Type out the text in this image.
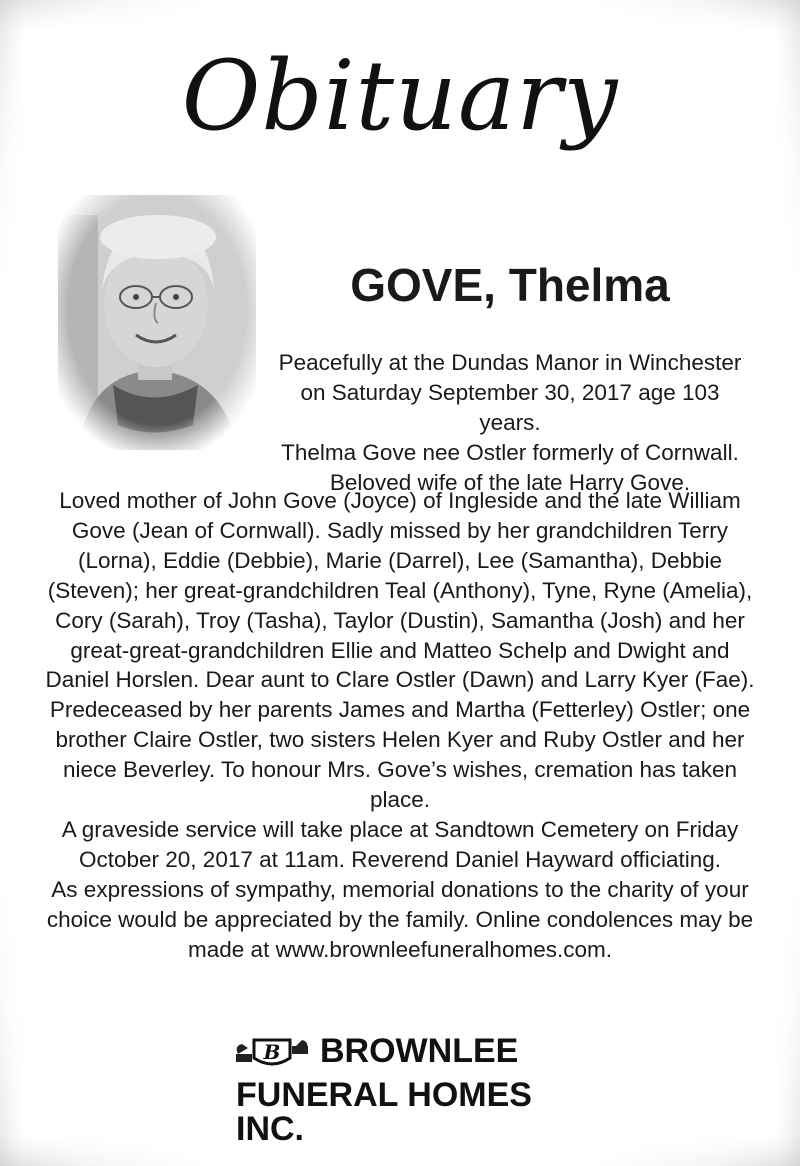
Obituary
GOVE, Thelma
Peacefully at the Dundas Manor in Winchester
on Saturday September 30, 2017 age 103 years.
Thelma Gove nee Ostler formerly of Cornwall.
Beloved wife of the late Harry Gove.
Loved mother of John Gove (Joyce) of Ingleside and the late William
Gove (Jean of Cornwall). Sadly missed by her grandchildren Terry
(Lorna), Eddie (Debbie), Marie (Darrel), Lee (Samantha), Debbie
(Steven); her great-grandchildren Teal (Anthony), Tyne, Ryne (Amelia),
Cory (Sarah), Troy (Tasha), Taylor (Dustin), Samantha (Josh) and her
great-great-grandchildren Ellie and Matteo Schelp and Dwight and
Daniel Horslen. Dear aunt to Clare Ostler (Dawn) and Larry Kyer (Fae).
Predeceased by her parents James and Martha (Fetterley) Ostler; one
brother Claire Ostler, two sisters Helen Kyer and Ruby Ostler and her
niece Beverley. To honour Mrs. Gove’s wishes, cremation has taken place.
A graveside service will take place at Sandtown Cemetery on Friday
October 20, 2017 at 11am. Reverend Daniel Hayward officiating.
As expressions of sympathy, memorial donations to the charity of your
choice would be appreciated by the family. Online condolences may be
made at www.brownleefuneralhomes.com.
B BROWNLEE
FUNERAL HOMES INC.
